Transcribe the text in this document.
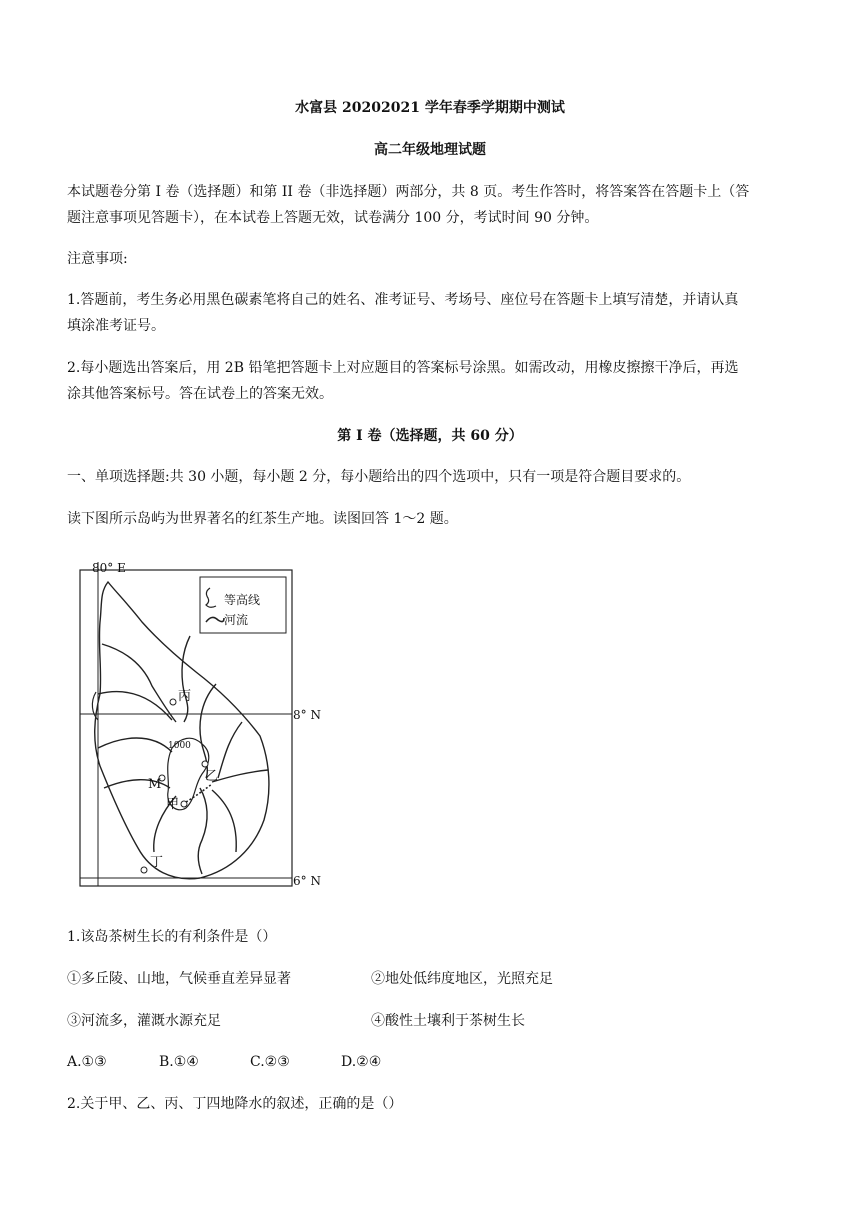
水富县 20202021 学年春季学期期中测试
高二年级地理试题
本试题卷分第 I 卷（选择题）和第 II 卷（非选择题）两部分，共 8 页。考生作答时，将答案答在答题卡上（答
题注意事项见答题卡），在本试卷上答题无效，试卷满分 100 分，考试时间 90 分钟。
注意事项:
1.答题前，考生务必用黑色碳素笔将自己的姓名、准考证号、考场号、座位号在答题卡上填写清楚，并请认真
填涂准考证号。
2.每小题选出答案后，用 2B 铅笔把答题卡上对应题目的答案标号涂黑。如需改动，用橡皮擦擦干净后，再选
涂其他答案标号。答在试卷上的答案无效。
第 I 卷（选择题，共 60 分）
一、单项选择题:共 30 小题，每小题 2 分，每小题给出的四个选项中，只有一项是符合题目要求的。
读下图所示岛屿为世界著名的红茶生产地。读图回答 1～2 题。
80° E
8° N
6° N
等高线
河流
1000
丙
乙
M
甲
丁
1.该岛茶树生长的有利条件是（）
①多丘陵、山地，气候垂直差异显著	②地处低纬度地区，光照充足
③河流多，灌溉水源充足	④酸性土壤利于茶树生长
A.①③	B.①④	C.②③	D.②④
2.关于甲、乙、丙、丁四地降水的叙述，正确的是（）
